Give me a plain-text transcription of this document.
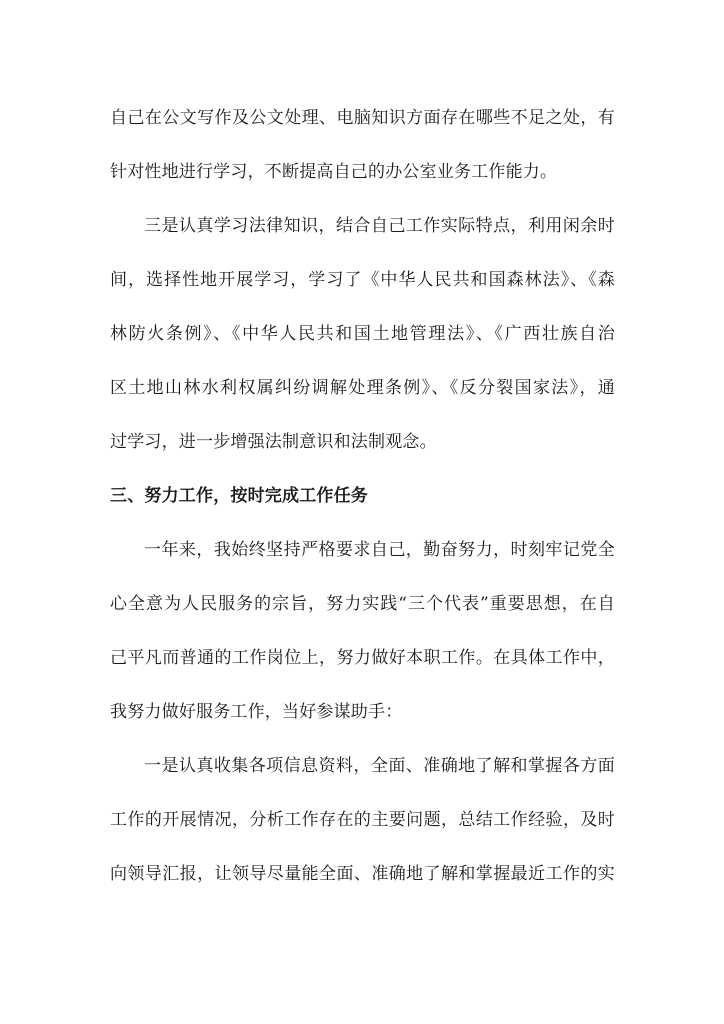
自己在公文写作及公文处理、电脑知识方面存在哪些不足之处，有
针对性地进行学习，不断提高自己的办公室业务工作能力。
三是认真学习法律知识，结合自己工作实际特点，利用闲余时
间，选择性地开展学习，学习了《中华人民共和国森林法》、《森
林防火条例》、《中华人民共和国土地管理法》、《广西壮族自治
区土地山林水利权属纠纷调解处理条例》、《反分裂国家法》，通
过学习，进一步增强法制意识和法制观念。
三、努力工作，按时完成工作任务
一年来，我始终坚持严格要求自己，勤奋努力，时刻牢记党全
心全意为人民服务的宗旨，努力实践“三个代表”重要思想，在自
己平凡而普通的工作岗位上，努力做好本职工作。在具体工作中，
我努力做好服务工作，当好参谋助手：
一是认真收集各项信息资料，全面、准确地了解和掌握各方面
工作的开展情况，分析工作存在的主要问题，总结工作经验，及时
向领导汇报，让领导尽量能全面、准确地了解和掌握最近工作的实
